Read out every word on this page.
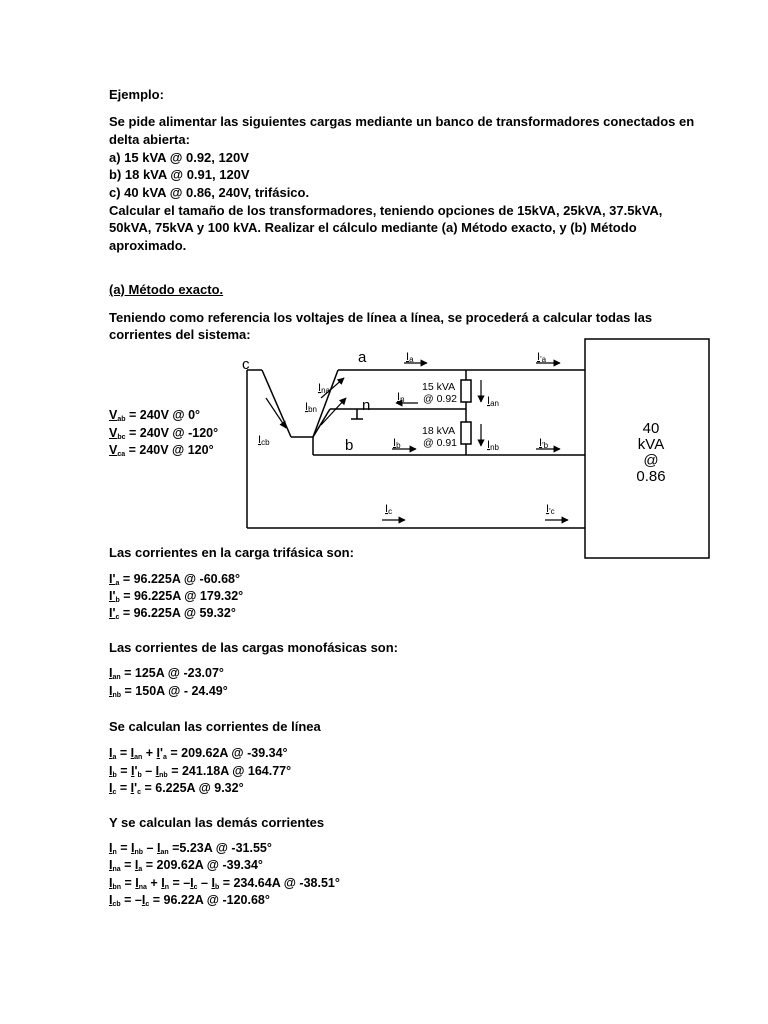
Ejemplo:
Se pide alimentar las siguientes cargas mediante un banco de transformadores conectados en
delta abierta:
a) 15 kVA @ 0.92, 120V
b) 18 kVA @ 0.91, 120V
c) 40 kVA @ 0.86, 240V, trifásico.
Calcular el tamaño de los transformadores, teniendo opciones de 15kVA, 25kVA, 37.5kVA,
50kVA, 75kVA y 100 kVA. Realizar el cálculo mediante (a) Método exacto, y (b) Método
aproximado.
(a) Método exacto.
Teniendo como referencia los voltajes de línea a línea, se procederá a calcular todas las
corrientes del sistema:
$V_{ab} = 240V$ @ 0°
$V_{bc} = 240V$ @ -120°
$V_{ca} = 240V$ @ 120°
c	a
n
b
15 kVA
@ 0.92
18 kVA
@ 0.91
40
kVA
@
0.86
Ina
Ibn
Icb
Ia
In
Ib
Ic
Ian
Inb
I'a
I'b
I'c
Las corrientes en la carga trifásica son:
$I'_a = 96.225A$ @ -60.68°
$I'_b = 96.225A$ @ 179.32°
$I'_c = 96.225A$ @ 59.32°
Las corrientes de las cargas monofásicas son:
$I_{an} = 125A$ @ -23.07°
$I_{nb} = 150A$ @ - 24.49°
Se calculan las corrientes de línea
$I_a = I_{an} + I'_a = 209.62A$ @ -39.34°
$I_b = I'_b - I_{nb} = 241.18A$ @ 164.77°
$I_c = I'_c = 6.225A$ @ 9.32°
Y se calculan las demás corrientes
$I_n = I_{nb} - I_{an} =5.23A$ @ -31.55°
$I_{na} = I_a = 209.62A$ @ -39.34°
$I_{bn} = I_{na} + I_n = -I_c - I_b = 234.64A$ @ -38.51°
$I_{cb} = -I_c = 96.22A$ @ -120.68°
